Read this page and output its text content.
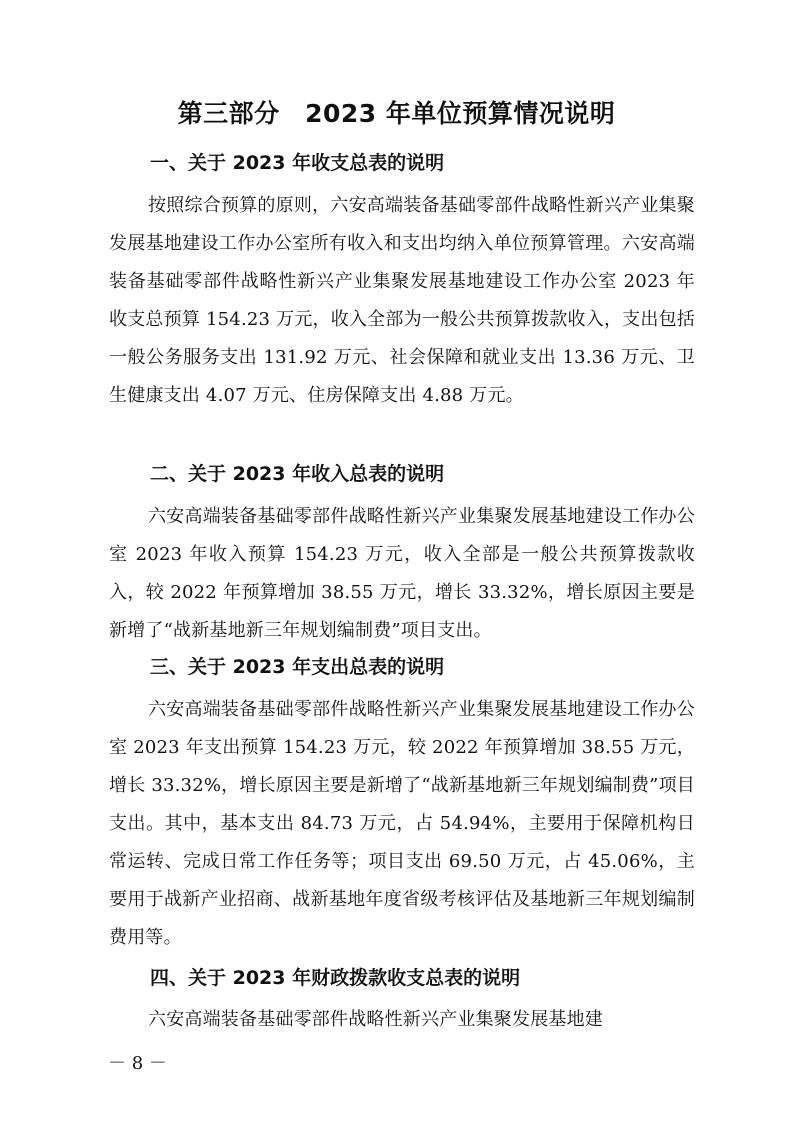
第三部分　2023 年单位预算情况说明
一、关于 2023 年收支总表的说明
按照综合预算的原则，六安高端装备基础零部件战略性新兴产业集聚发展基地建设工作办公室所有收入和支出均纳入单位预算管理。六安高端装备基础零部件战略性新兴产业集聚发展基地建设工作办公室 2023 年收支总预算 154.23 万元，收入全部为一般公共预算拨款收入，支出包括一般公务服务支出 131.92 万元、社会保障和就业支出 13.36 万元、卫生健康支出 4.07 万元、住房保障支出 4.88 万元。
二、关于 2023 年收入总表的说明
六安高端装备基础零部件战略性新兴产业集聚发展基地建设工作办公室 2023 年收入预算 154.23 万元，收入全部是一般公共预算拨款收入，较 2022 年预算增加 38.55 万元，增长 33.32%，增长原因主要是新增了“战新基地新三年规划编制费”项目支出。
三、关于 2023 年支出总表的说明
六安高端装备基础零部件战略性新兴产业集聚发展基地建设工作办公室 2023 年支出预算 154.23 万元，较 2022 年预算增加 38.55 万元，增长 33.32%，增长原因主要是新增了“战新基地新三年规划编制费”项目支出。其中，基本支出 84.73 万元，占 54.94%，主要用于保障机构日常运转、完成日常工作任务等；项目支出 69.50 万元，占 45.06%，主要用于战新产业招商、战新基地年度省级考核评估及基地新三年规划编制费用等。
四、关于 2023 年财政拨款收支总表的说明
六安高端装备基础零部件战略性新兴产业集聚发展基地建
－ 8 －
